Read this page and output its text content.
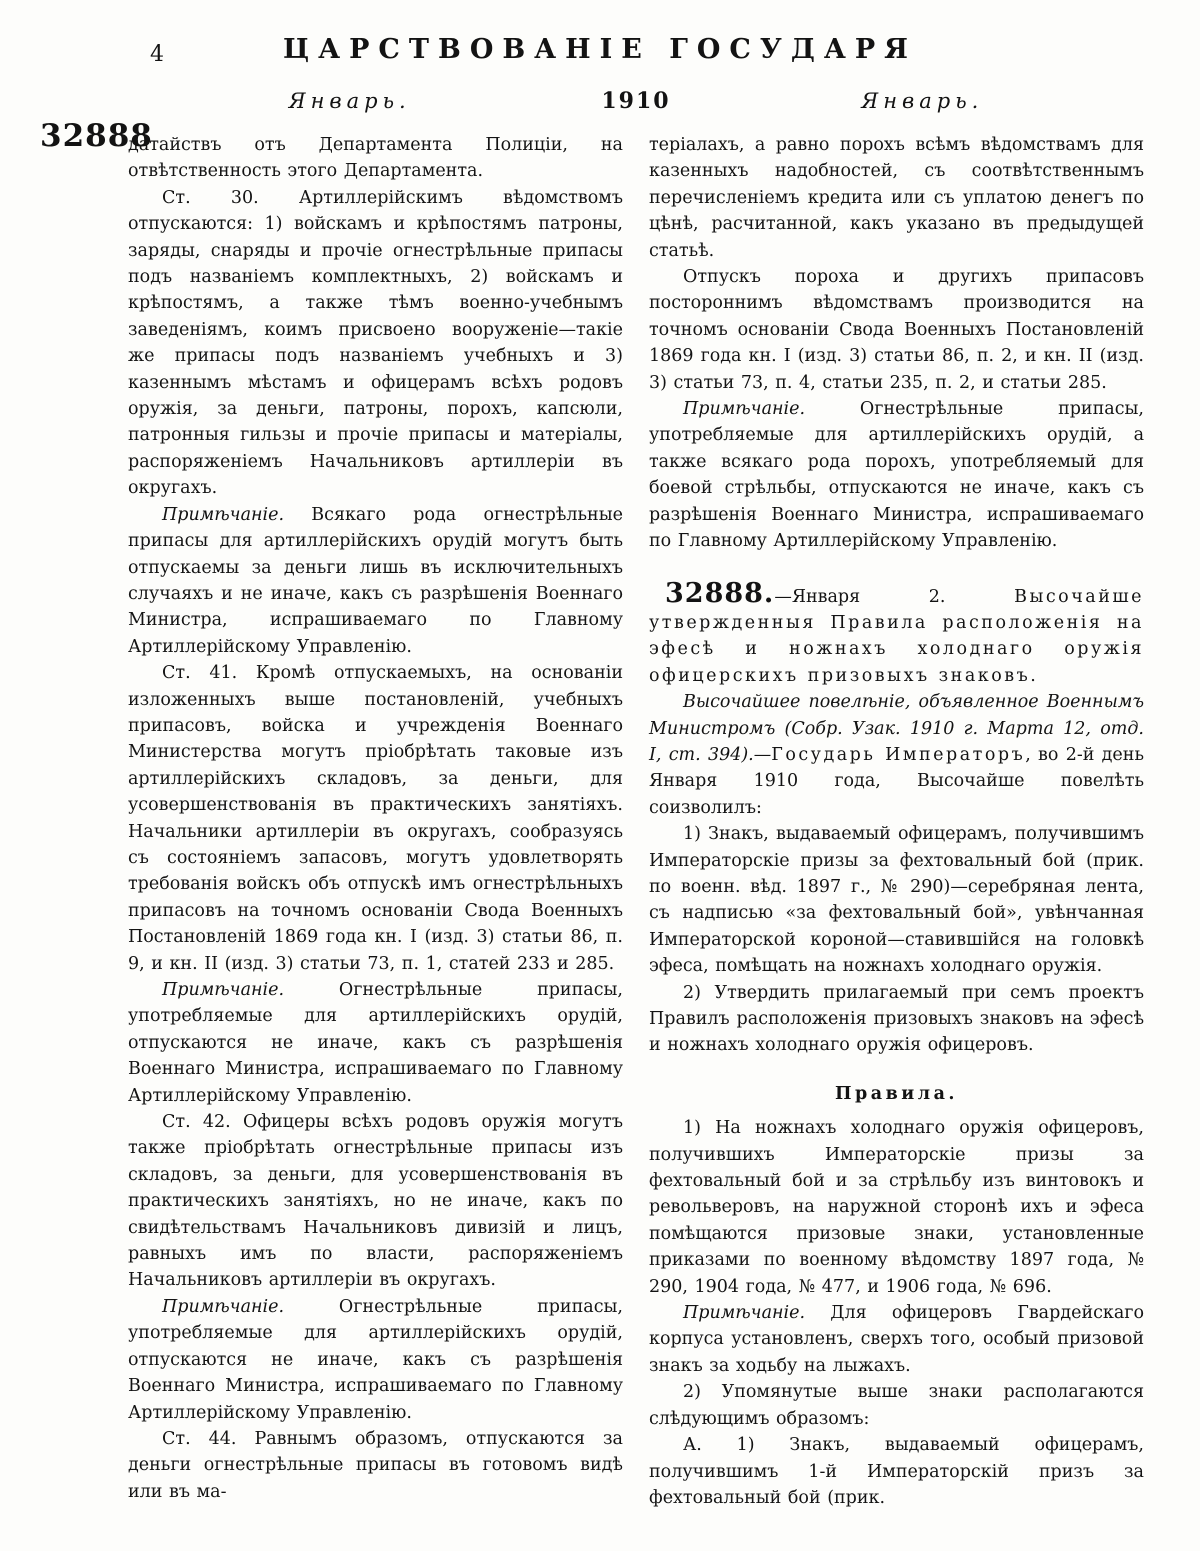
4	ЦАРСТВОВАНІЕ ГОСУДАРЯ
Январь.	1910	Январь.
32888

датайствъ отъ Департамента Полиціи, на отвѣтственность этого Департамента.

Ст. 30. Артиллерійскимъ вѣдомствомъ отпускаются: 1) войскамъ и крѣпостямъ патроны, заряды, снаряды и прочіе огнестрѣльные припасы подъ названіемъ комплектныхъ, 2) войскамъ и крѣпостямъ, а также тѣмъ военно-учебнымъ заведеніямъ, коимъ присвоено вооруженіе—такіе же припасы подъ названіемъ учебныхъ и 3) казеннымъ мѣстамъ и офицерамъ всѣхъ родовъ оружія, за деньги, патроны, порохъ, капсюли, патронныя гильзы и прочіе припасы и матеріалы, распоряженіемъ Начальниковъ артиллеріи въ округахъ.

Примѣчаніе. Всякаго рода огнестрѣльные припасы для артиллерійскихъ орудій могутъ быть отпускаемы за деньги лишь въ исключительныхъ случаяхъ и не иначе, какъ съ разрѣшенія Военнаго Министра, испрашиваемаго по Главному Артиллерійскому Управленію.

Ст. 41. Кромѣ отпускаемыхъ, на основаніи изложенныхъ выше постановленій, учебныхъ припасовъ, войска и учрежденія Военнаго Министерства могутъ пріобрѣтать таковые изъ артиллерійскихъ складовъ, за деньги, для усовершенствованія въ практическихъ занятіяхъ. Начальники артиллеріи въ округахъ, сообразуясь съ состояніемъ запасовъ, могутъ удовлетворять требованія войскъ объ отпускѣ имъ огнестрѣльныхъ припасовъ на точномъ основаніи Свода Военныхъ Постановленій 1869 года кн. I (изд. 3) статьи 86, п. 9, и кн. II (изд. 3) статьи 73, п. 1, статей 233 и 285.

Примѣчаніе. Огнестрѣльные припасы, употребляемые для артиллерійскихъ орудій, отпускаются не иначе, какъ съ разрѣшенія Военнаго Министра, испрашиваемаго по Главному Артиллерійскому Управленію.

Ст. 42. Офицеры всѣхъ родовъ оружія могутъ также пріобрѣтать огнестрѣльные припасы изъ складовъ, за деньги, для усовершенствованія въ практическихъ занятіяхъ, но не иначе, какъ по свидѣтельствамъ Начальниковъ дивизій и лицъ, равныхъ имъ по власти, распоряженіемъ Начальниковъ артиллеріи въ округахъ.

Примѣчаніе. Огнестрѣльные припасы, употребляемые для артиллерійскихъ орудій, отпускаются не иначе, какъ съ разрѣшенія Военнаго Министра, испрашиваемаго по Главному Артиллерійскому Управленію.

Ст. 44. Равнымъ образомъ, отпускаются за деньги огнестрѣльные припасы въ готовомъ видѣ или въ ма-

теріалахъ, а равно порохъ всѣмъ вѣдомствамъ для казенныхъ надобностей, съ соотвѣтственнымъ перечисленіемъ кредита или съ уплатою денегъ по цѣнѣ, расчитанной, какъ указано въ предыдущей статьѣ.

Отпускъ пороха и другихъ припасовъ постороннимъ вѣдомствамъ производится на точномъ основаніи Свода Военныхъ Постановленій 1869 года кн. I (изд. 3) статьи 86, п. 2, и кн. II (изд. 3) статьи 73, п. 4, статьи 235, п. 2, и статьи 285.

Примѣчаніе. Огнестрѣльные припасы, употребляемые для артиллерійскихъ орудій, а также всякаго рода порохъ, употребляемый для боевой стрѣльбы, отпускаются не иначе, какъ съ разрѣшенія Военнаго Министра, испрашиваемаго по Главному Артиллерійскому Управленію.

32888.—Января 2. Высочайше утвержденныя Правила расположенія на эфесѣ и ножнахъ холоднаго оружія офицерскихъ призовыхъ знаковъ.

Высочайшее повелѣніе, объявленное Военнымъ Министромъ (Собр. Узак. 1910 г. Марта 12, отд. I, ст. 394).—Государь Императоръ, во 2-й день Января 1910 года, Высочайше повелѣть соизволилъ:

1) Знакъ, выдаваемый офицерамъ, получившимъ Императорскіе призы за фехтовальный бой (прик. по военн. вѣд. 1897 г., № 290)—серебряная лента, съ надписью «за фехтовальный бой», увѣнчанная Императорской короной—ставившійся на головкѣ эфеса, помѣщать на ножнахъ холоднаго оружія.

2) Утвердить прилагаемый при семъ проектъ Правилъ расположенія призовыхъ знаковъ на эфесѣ и ножнахъ холоднаго оружія офицеровъ.

Правила.

1) На ножнахъ холоднаго оружія офицеровъ, получившихъ Императорскіе призы за фехтовальный бой и за стрѣльбу изъ винтовокъ и револьверовъ, на наружной сторонѣ ихъ и эфеса помѣщаются призовые знаки, установленные приказами по военному вѣдомству 1897 года, № 290, 1904 года, № 477, и 1906 года, № 696.

Примѣчаніе. Для офицеровъ Гвардейскаго корпуса установленъ, сверхъ того, особый призовой знакъ за ходьбу на лыжахъ.

2) Упомянутые выше знаки располагаются слѣдующимъ образомъ:

А. 1) Знакъ, выдаваемый офицерамъ, получившимъ 1-й Императорскій призъ за фехтовальный бой (прик.
